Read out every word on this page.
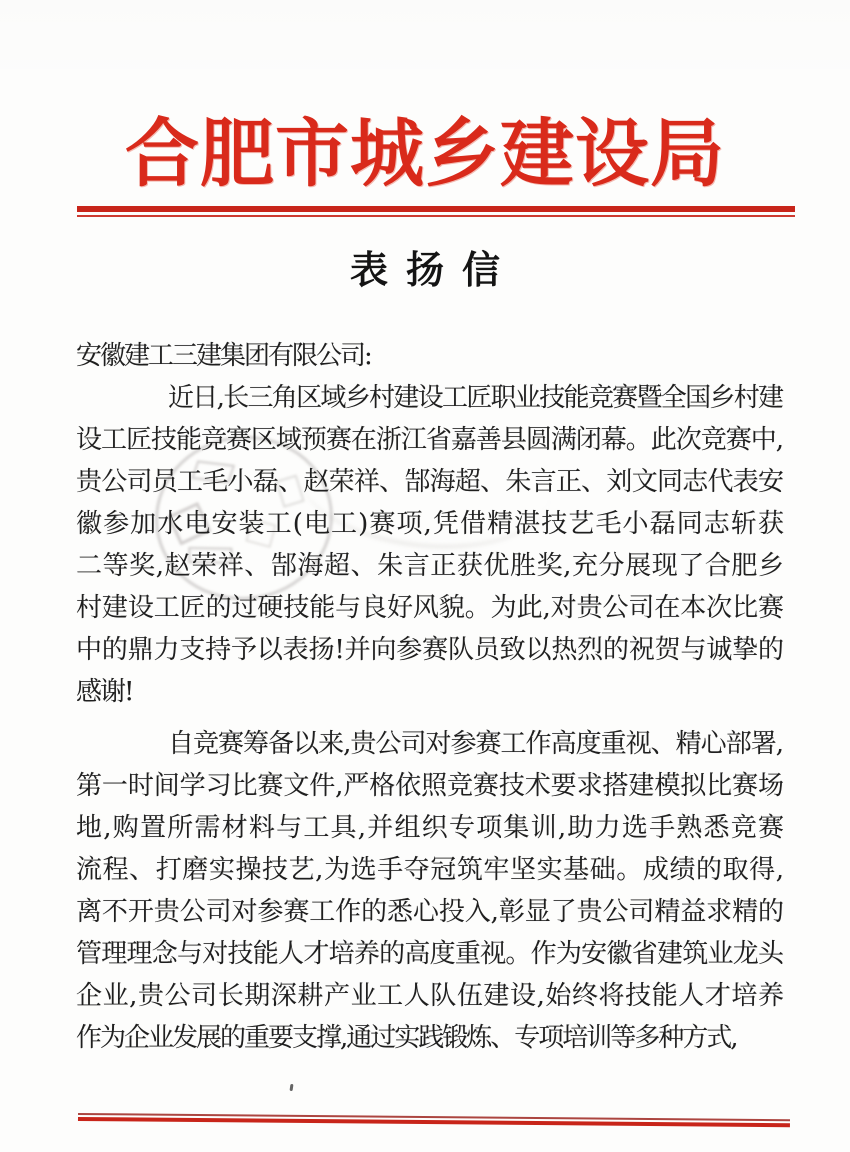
合肥市城乡建设局
表扬信
安徽建工三建集团有限公司:
近日,长三角区域乡村建设工匠职业技能竞赛暨全国乡村建
设工匠技能竞赛区域预赛在浙江省嘉善县圆满闭幕。此次竞赛中,
贵公司员工毛小磊、赵荣祥、郜海超、朱言正、刘文同志代表安
徽参加水电安装工(电工)赛项,凭借精湛技艺毛小磊同志斩获
二等奖,赵荣祥、郜海超、朱言正获优胜奖,充分展现了合肥乡
村建设工匠的过硬技能与良好风貌。为此,对贵公司在本次比赛
中的鼎力支持予以表扬!并向参赛队员致以热烈的祝贺与诚挚的
感谢!
自竞赛筹备以来,贵公司对参赛工作高度重视、精心部署,
第一时间学习比赛文件,严格依照竞赛技术要求搭建模拟比赛场
地,购置所需材料与工具,并组织专项集训,助力选手熟悉竞赛
流程、打磨实操技艺,为选手夺冠筑牢坚实基础。成绩的取得,
离不开贵公司对参赛工作的悉心投入,彰显了贵公司精益求精的
管理理念与对技能人才培养的高度重视。作为安徽省建筑业龙头
企业,贵公司长期深耕产业工人队伍建设,始终将技能人才培养
作为企业发展的重要支撑,通过实践锻炼、专项培训等多种方式,
